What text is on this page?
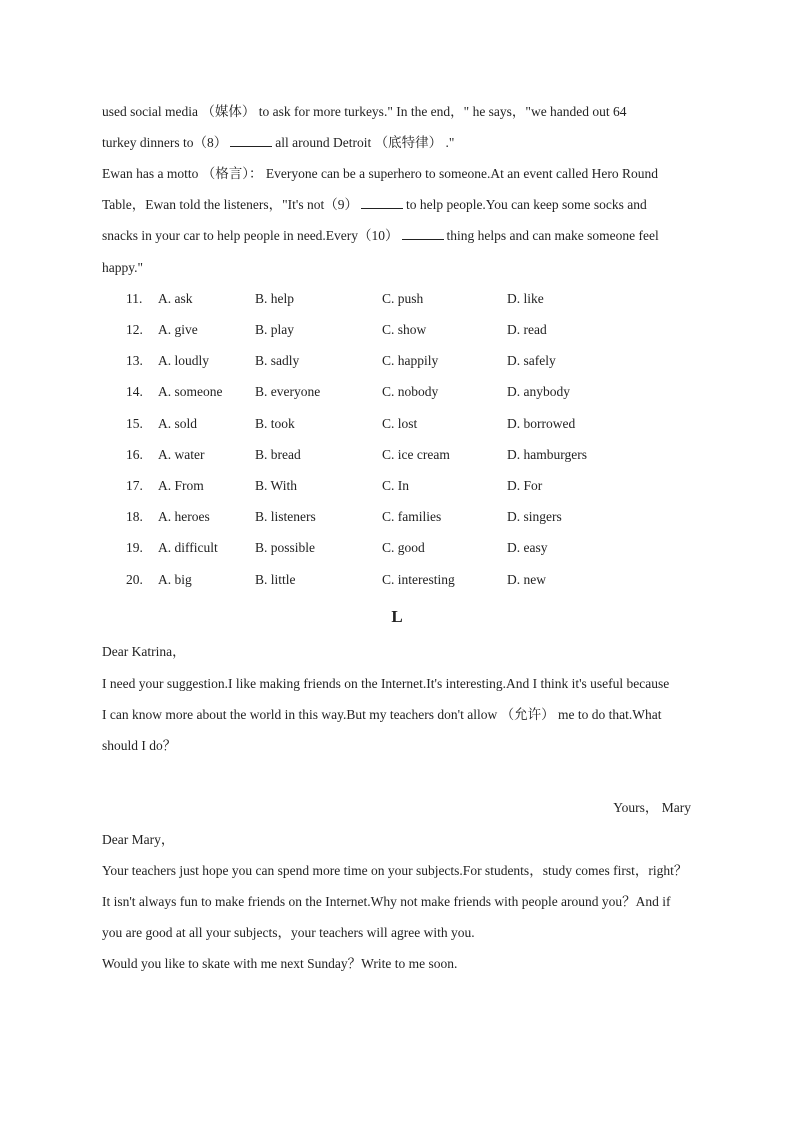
used social media （媒体） to ask for more turkeys." In the end，" he says，"we handed out 64
turkey dinners to（8）	all around Detroit （底特律） ."
Ewan has a motto （格言）： Everyone can be a superhero to someone.At an event called Hero Round
Table，Ewan told the listeners，"It's not（9）	to help people.You can keep some socks and
snacks in your car to help people in need.Every（10）	thing helps and can make someone feel
happy."
11. A. ask	B. help	C. push	D. like
12. A. give	B. play	C. show	D. read
13. A. loudly	B. sadly	C. happily	D. safely
14. A. someone B. everyone	C. nobody	D. anybody
15. A. sold	B. took	C. lost	D. borrowed
16. A. water	B. bread	C. ice cream	D. hamburgers
17. A. From	B. With	C. In	D. For
18. A. heroes	B. listeners	C. families	D. singers
19. A. difficult	B. possible	C. good	D. easy
20. A. big	B. little	C. interesting	D. new
L
Dear Katrina，
I need your suggestion.I like making friends on the Internet.It's interesting.And I think it's useful because
I can know more about the world in this way.But my teachers don't allow （允许） me to do that.What
should I do？
Yours， Mary
Dear Mary，
Your teachers just hope you can spend more time on your subjects.For students，study comes first，right？
It isn't always fun to make friends on the Internet.Why not make friends with people around you？And if
you are good at all your subjects，your teachers will agree with you.
Would you like to skate with me next Sunday？Write to me soon.
